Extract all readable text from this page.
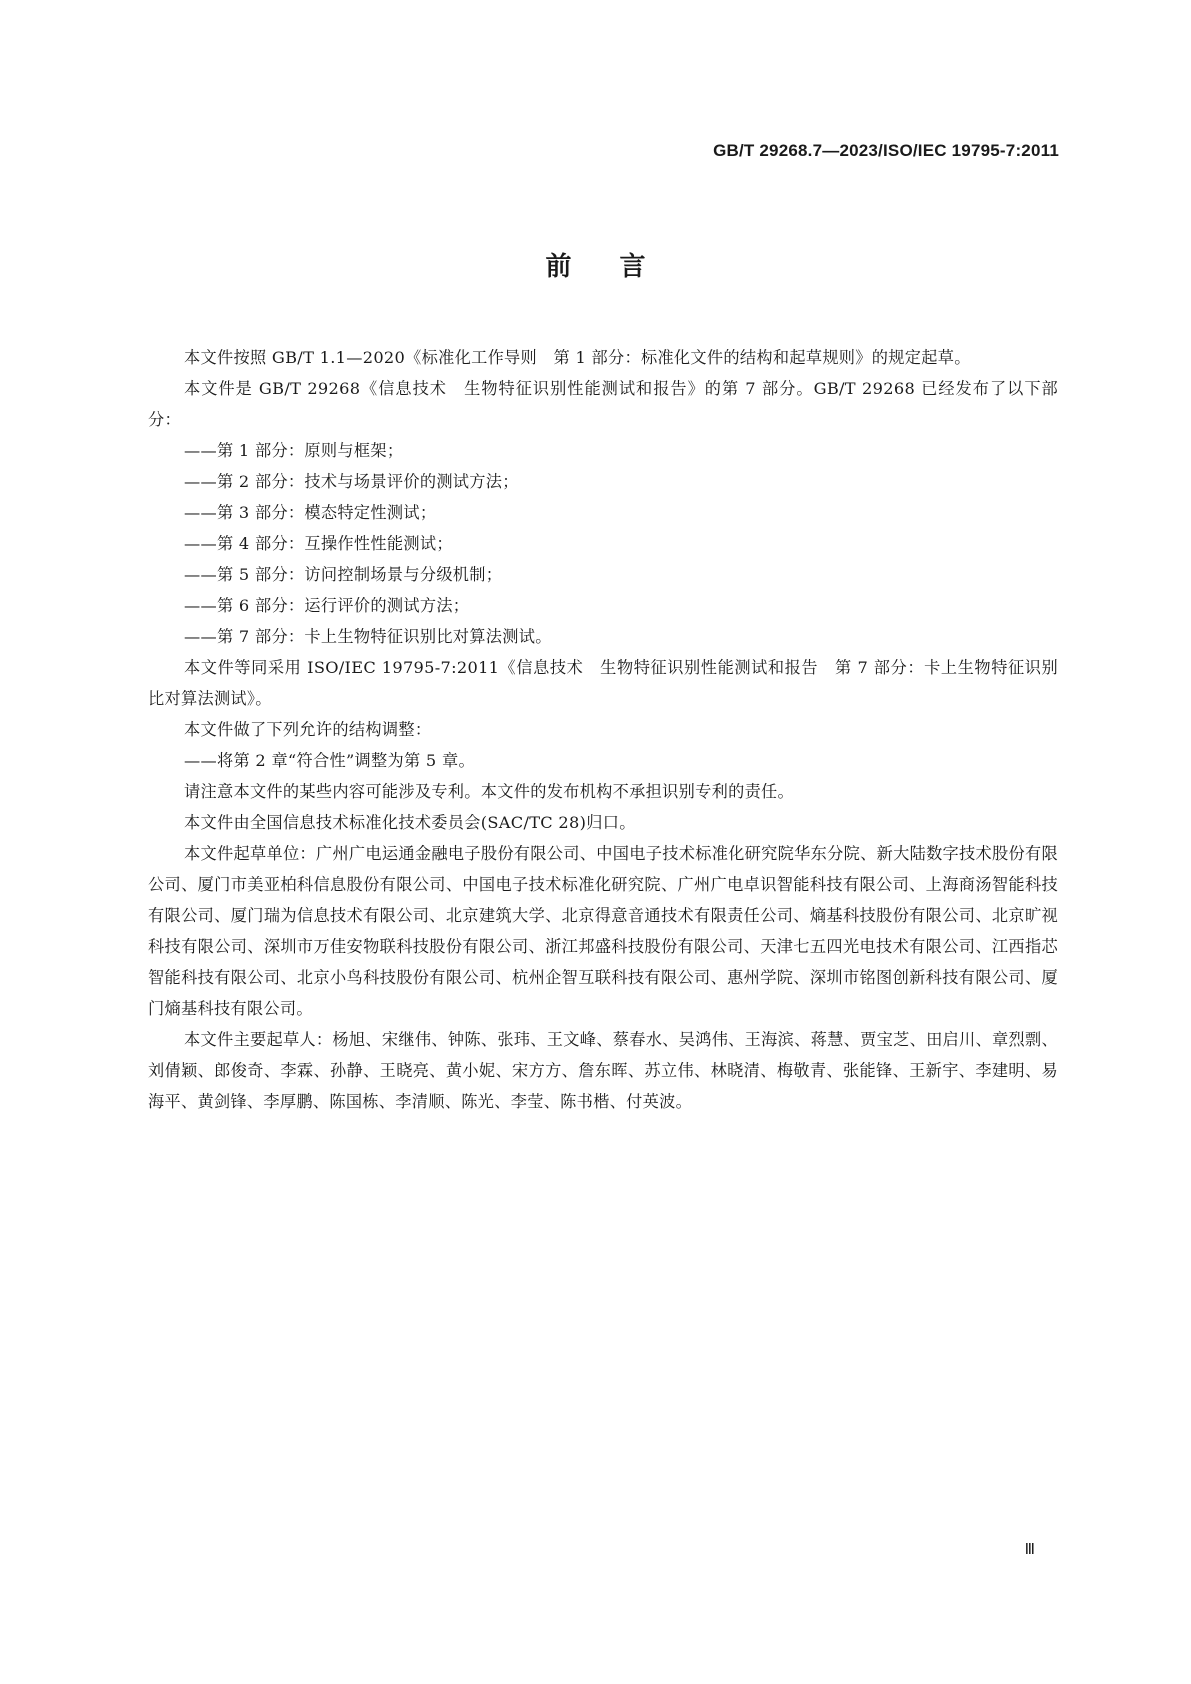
GB/T 29268.7—2023/ISO/IEC 19795-7:2011
前言

本文件按照 GB/T 1.1—2020《标准化工作导则　第 1 部分：标准化文件的结构和起草规则》的规定起草。

本文件是 GB/T 29268《信息技术　生物特征识别性能测试和报告》的第 7 部分。GB/T 29268 已经发布了以下部分：

——第 1 部分：原则与框架；
——第 2 部分：技术与场景评价的测试方法；
——第 3 部分：模态特定性测试；
——第 4 部分：互操作性性能测试；
——第 5 部分：访问控制场景与分级机制；
——第 6 部分：运行评价的测试方法；
——第 7 部分：卡上生物特征识别比对算法测试。

本文件等同采用 ISO/IEC 19795-7:2011《信息技术　生物特征识别性能测试和报告　第 7 部分：卡上生物特征识别比对算法测试》。

本文件做了下列允许的结构调整：

——将第 2 章“符合性”调整为第 5 章。

请注意本文件的某些内容可能涉及专利。本文件的发布机构不承担识别专利的责任。

本文件由全国信息技术标准化技术委员会(SAC/TC 28)归口。

本文件起草单位：广州广电运通金融电子股份有限公司、中国电子技术标准化研究院华东分院、新大陆数字技术股份有限公司、厦门市美亚柏科信息股份有限公司、中国电子技术标准化研究院、广州广电卓识智能科技有限公司、上海商汤智能科技有限公司、厦门瑞为信息技术有限公司、北京建筑大学、北京得意音通技术有限责任公司、熵基科技股份有限公司、北京旷视科技有限公司、深圳市万佳安物联科技股份有限公司、浙江邦盛科技股份有限公司、天津七五四光电技术有限公司、江西指芯智能科技有限公司、北京小鸟科技股份有限公司、杭州企智互联科技有限公司、惠州学院、深圳市铭图创新科技有限公司、厦门熵基科技有限公司。

本文件主要起草人：杨旭、宋继伟、钟陈、张玮、王文峰、蔡春水、吴鸿伟、王海滨、蒋慧、贾宝芝、田启川、章烈剽、刘倩颖、郎俊奇、李霖、孙静、王晓亮、黄小妮、宋方方、詹东晖、苏立伟、林晓清、梅敬青、张能锋、王新宇、李建明、易海平、黄剑锋、李厚鹏、陈国栋、李清顺、陈光、李莹、陈书楷、付英波。

Ⅲ
